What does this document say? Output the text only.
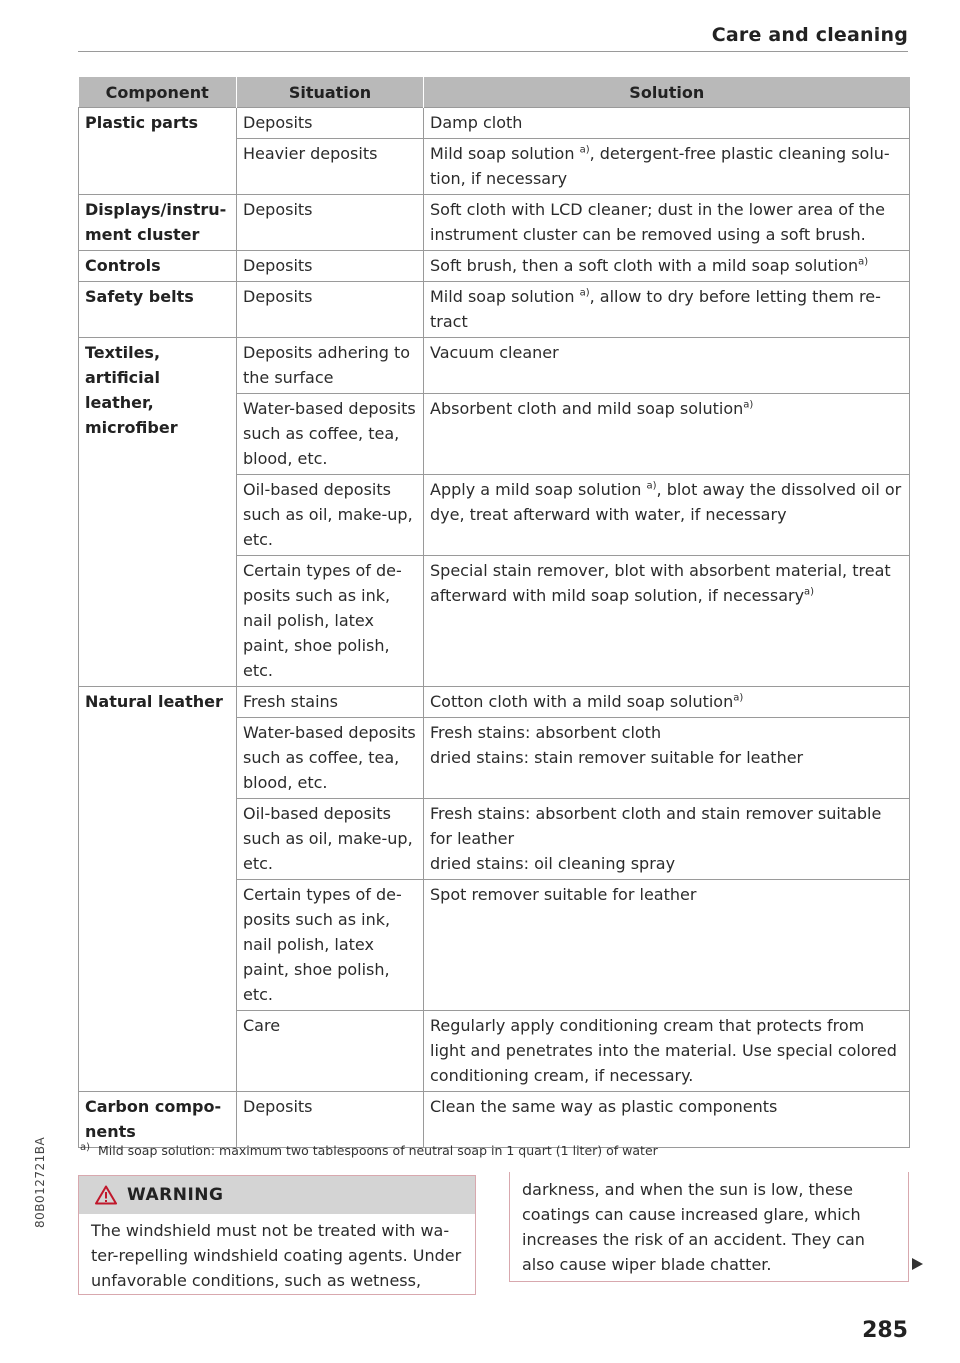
Care and cleaning
Component	Situation	Solution
Plastic parts	Deposits	Damp cloth
	Heavier deposits	Mild soap solution $^{a)}$, detergent-free plastic cleaning solution, if necessary
Displays/instrument cluster	Deposits	Soft cloth with LCD cleaner; dust in the lower area of the instrument cluster can be removed using a soft brush.
Controls	Deposits	Soft brush, then a soft cloth with a mild soap solution$^{a)}$
Safety belts	Deposits	Mild soap solution $^{a)}$, allow to dry before letting them retract
Textiles, artificial leather, microfiber	Deposits adhering to the surface	Vacuum cleaner
	Water-based deposits such as coffee, tea, blood, etc.	Absorbent cloth and mild soap solution$^{a)}$
	Oil-based deposits such as oil, make-up, etc.	Apply a mild soap solution $^{a)}$, blot away the dissolved oil or dye, treat afterward with water, if necessary
	Certain types of deposits such as ink, nail polish, latex paint, shoe polish, etc.	Special stain remover, blot with absorbent material, treat afterward with mild soap solution, if necessary$^{a)}$
Natural leather	Fresh stains	Cotton cloth with a mild soap solution$^{a)}$
	Water-based deposits such as coffee, tea, blood, etc.	Fresh stains: absorbent cloth
dried stains: stain remover suitable for leather

	Oil-based deposits such as oil, make-up, etc.	Fresh stains: absorbent cloth and stain remover suitable for leather
dried stains: oil cleaning spray

	Certain types of deposits such as ink, nail polish, latex paint, shoe polish, etc.	Spot remover suitable for leather
	Care	Regularly apply conditioning cream that protects from light and penetrates into the material. Use special colored conditioning cream, if necessary.
Carbon components	Deposits	Clean the same way as plastic components
$^{a)}$ Mild soap solution: maximum two tablespoons of neutral soap in 1 quart (1 liter) of water
WARNING
The windshield must not be treated with water-repelling windshield coating agents. Under unfavorable conditions, such as wetness,
darkness, and when the sun is low, these coatings can cause increased glare, which increases the risk of an accident. They can also cause wiper blade chatter.
285
80B012721BA
